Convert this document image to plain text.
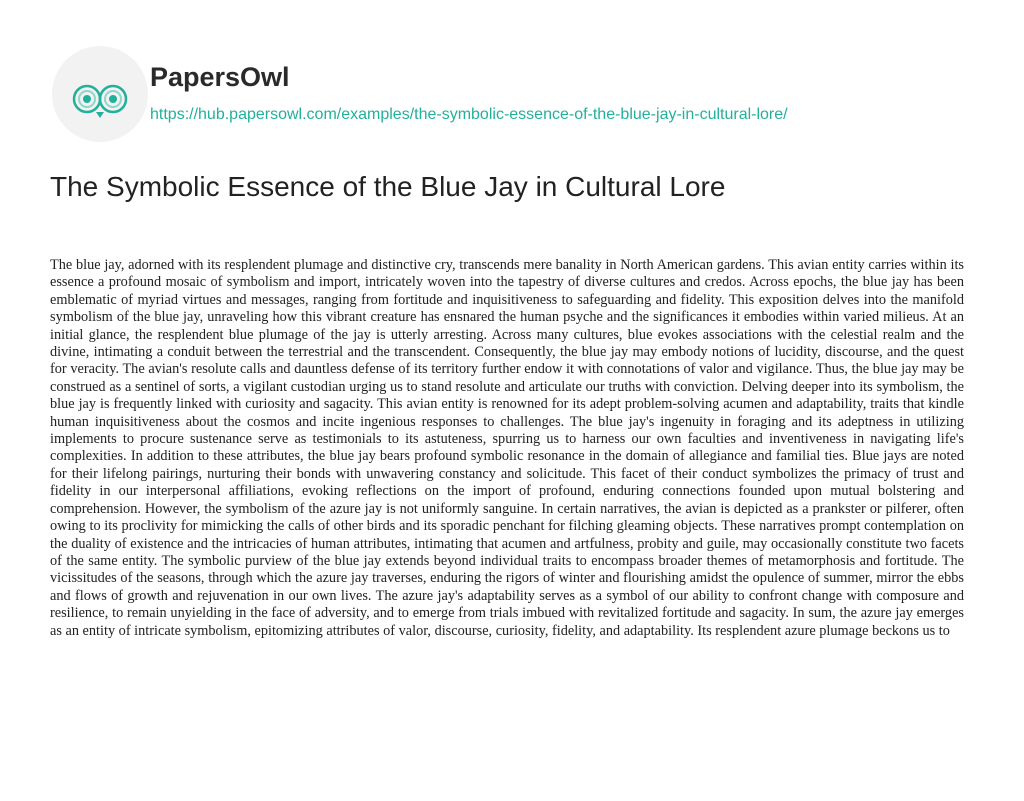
PapersOwl
https://hub.papersowl.com/examples/the-symbolic-essence-of-the-blue-jay-in-cultural-lore/
The Symbolic Essence of the Blue Jay in Cultural Lore

The blue jay, adorned with its resplendent plumage and distinctive cry, transcends mere banality in North American gardens. This avian entity carries within its essence a profound mosaic of symbolism and import, intricately woven into the tapestry of diverse cultures and credos. Across epochs, the blue jay has been emblematic of myriad virtues and messages, ranging from fortitude and inquisitiveness to safeguarding and fidelity. This exposition delves into the manifold symbolism of the blue jay, unraveling how this vibrant creature has ensnared the human psyche and the significances it embodies within varied milieus. At an initial glance, the resplendent blue plumage of the jay is utterly arresting. Across many cultures, blue evokes associations with the celestial realm and the divine, intimating a conduit between the terrestrial and the transcendent. Consequently, the blue jay may embody notions of lucidity, discourse, and the quest for veracity. The avian's resolute calls and dauntless defense of its territory further endow it with connotations of valor and vigilance. Thus, the blue jay may be construed as a sentinel of sorts, a vigilant custodian urging us to stand resolute and articulate our truths with conviction. Delving deeper into its symbolism, the blue jay is frequently linked with curiosity and sagacity. This avian entity is renowned for its adept problem-solving acumen and adaptability, traits that kindle human inquisitiveness about the cosmos and incite ingenious responses to challenges. The blue jay's ingenuity in foraging and its adeptness in utilizing implements to procure sustenance serve as testimonials to its astuteness, spurring us to harness our own faculties and inventiveness in navigating life's complexities. In addition to these attributes, the blue jay bears profound symbolic resonance in the domain of allegiance and familial ties. Blue jays are noted for their lifelong pairings, nurturing their bonds with unwavering constancy and solicitude. This facet of their conduct symbolizes the primacy of trust and fidelity in our interpersonal affiliations, evoking reflections on the import of profound, enduring connections founded upon mutual bolstering and comprehension. However, the symbolism of the azure jay is not uniformly sanguine. In certain narratives, the avian is depicted as a prankster or pilferer, often owing to its proclivity for mimicking the calls of other birds and its sporadic penchant for filching gleaming objects. These narratives prompt contemplation on the duality of existence and the intricacies of human attributes, intimating that acumen and artfulness, probity and guile, may occasionally constitute two facets of the same entity. The symbolic purview of the blue jay extends beyond individual traits to encompass broader themes of metamorphosis and fortitude. The vicissitudes of the seasons, through which the azure jay traverses, enduring the rigors of winter and flourishing amidst the opulence of summer, mirror the ebbs and flows of growth and rejuvenation in our own lives. The azure jay's adaptability serves as a symbol of our ability to confront change with composure and resilience, to remain unyielding in the face of adversity, and to emerge from trials imbued with revitalized fortitude and sagacity. In sum, the azure jay emerges as an entity of intricate symbolism, epitomizing attributes of valor, discourse, curiosity, fidelity, and adaptability. Its resplendent azure plumage beckons us to
